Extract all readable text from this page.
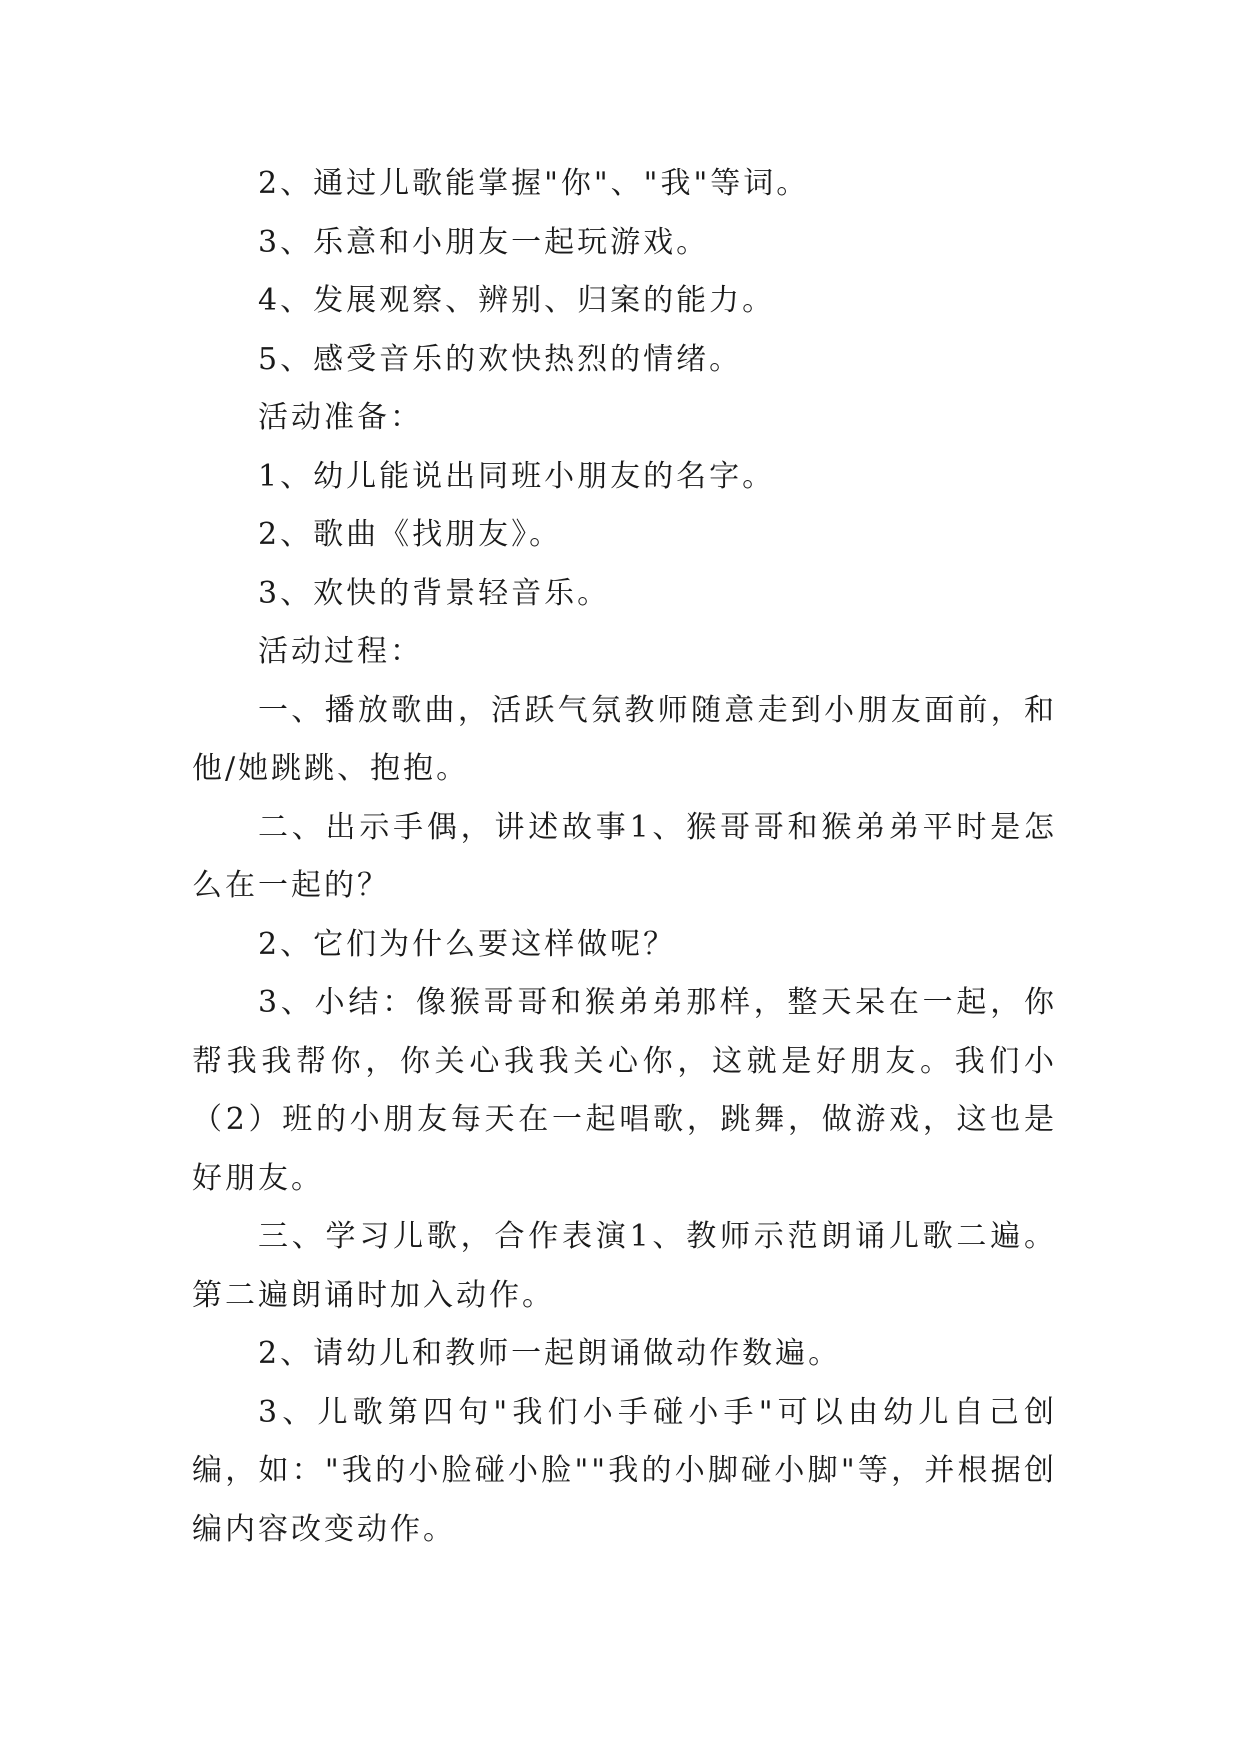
2、通过儿歌能掌握"你"、"我"等词。

3、乐意和小朋友一起玩游戏。

4、发展观察、辨别、归案的能力。

5、感受音乐的欢快热烈的情绪。

活动准备：

1、幼儿能说出同班小朋友的名字。

2、歌曲《找朋友》。

3、欢快的背景轻音乐。

活动过程：

一、播放歌曲，活跃气氛教师随意走到小朋友面前，和他/她跳跳、抱抱。

二、出示手偶，讲述故事1、猴哥哥和猴弟弟平时是怎么在一起的？

2、它们为什么要这样做呢？

3、小结：像猴哥哥和猴弟弟那样，整天呆在一起，你帮我我帮你，你关心我我关心你，这就是好朋友。我们小（2）班的小朋友每天在一起唱歌，跳舞，做游戏，这也是好朋友。

三、学习儿歌，合作表演1、教师示范朗诵儿歌二遍。第二遍朗诵时加入动作。

2、请幼儿和教师一起朗诵做动作数遍。

3、儿歌第四句"我们小手碰小手"可以由幼儿自己创编，如："我的小脸碰小脸""我的小脚碰小脚"等，并根据创编内容改变动作。
